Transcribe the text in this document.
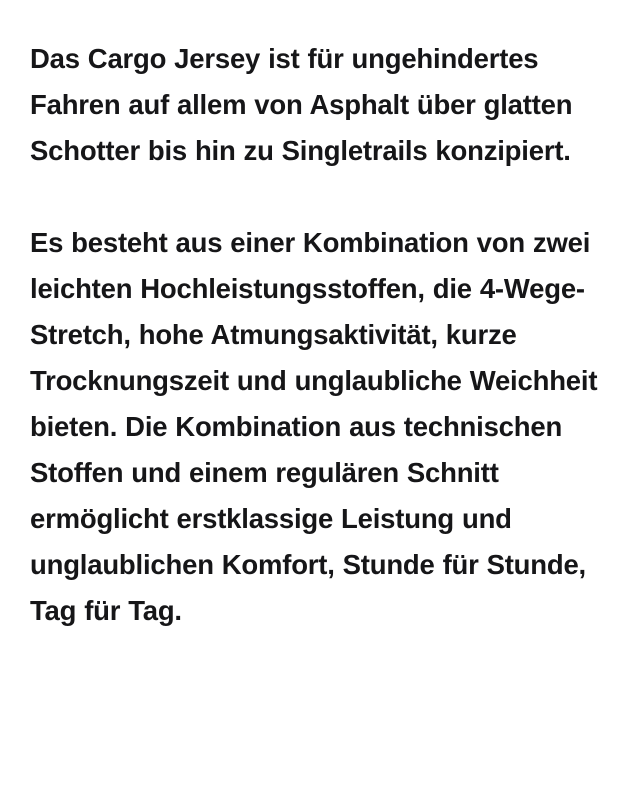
Das Cargo Jersey ist für ungehindertes Fahren auf allem von Asphalt über glatten Schotter bis hin zu Singletrails konzipiert.

Es besteht aus einer Kombination von zwei leichten Hochleistungsstoffen, die 4-Wege-Stretch, hohe Atmungsaktivität, kurze Trocknungszeit und unglaubliche Weichheit bieten. Die Kombination aus technischen Stoffen und einem regulären Schnitt ermöglicht erstklassige Leistung und unglaublichen Komfort, Stunde für Stunde, Tag für Tag.
